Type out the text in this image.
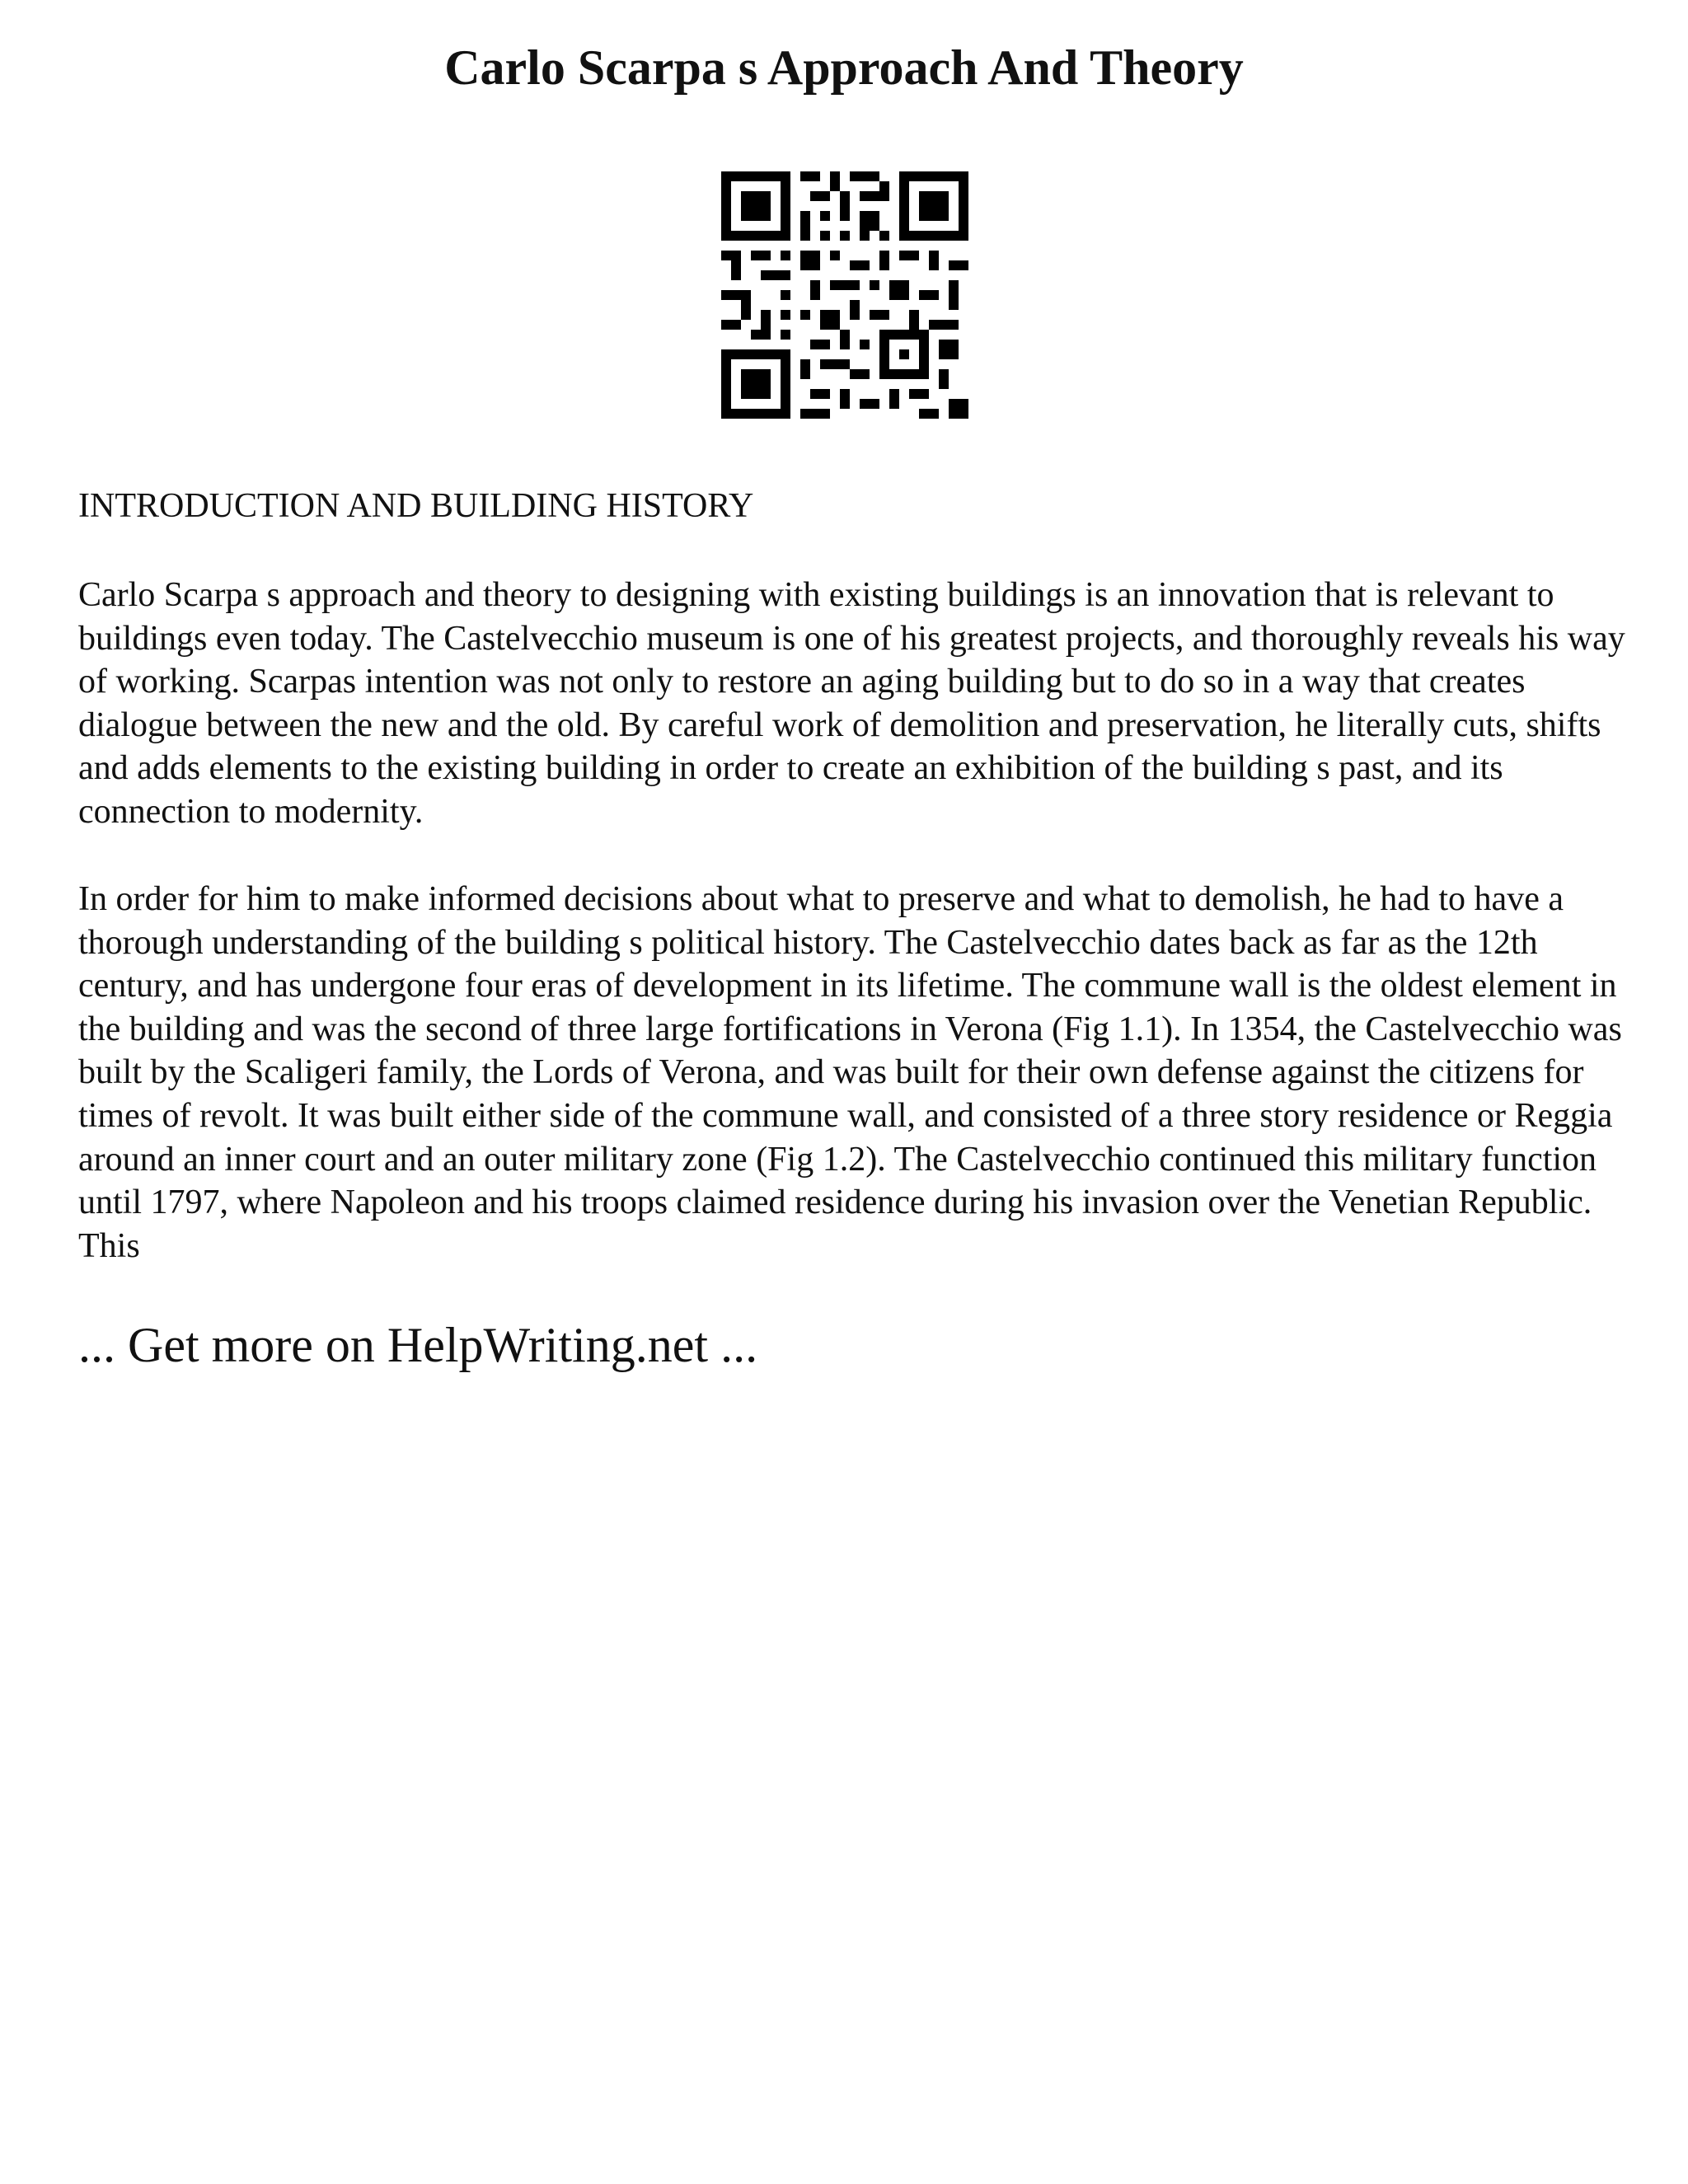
Carlo Scarpa s Approach And Theory
INTRODUCTION AND BUILDING HISTORY

Carlo Scarpa s approach and theory to designing with existing buildings is an innovation that is relevant to buildings even today. The Castelvecchio museum is one of his greatest projects, and thoroughly reveals his way of working. Scarpas intention was not only to restore an aging building but to do so in a way that creates dialogue between the new and the old. By careful work of demolition and preservation, he literally cuts, shifts and adds elements to the existing building in order to create an exhibition of the building s past, and its connection to modernity.

In order for him to make informed decisions about what to preserve and what to demolish, he had to have a thorough understanding of the building s political history. The Castelvecchio dates back as far as the 12th century, and has undergone four eras of development in its lifetime. The commune wall is the oldest element in the building and was the second of three large fortifications in Verona (Fig 1.1). In 1354, the Castelvecchio was built by the Scaligeri family, the Lords of Verona, and was built for their own defense against the citizens for times of revolt. It was built either side of the commune wall, and consisted of a three story residence or Reggia around an inner court and an outer military zone (Fig 1.2). The Castelvecchio continued this military function until 1797, where Napoleon and his troops claimed residence during his invasion over the Venetian Republic. This

... Get more on HelpWriting.net ...
